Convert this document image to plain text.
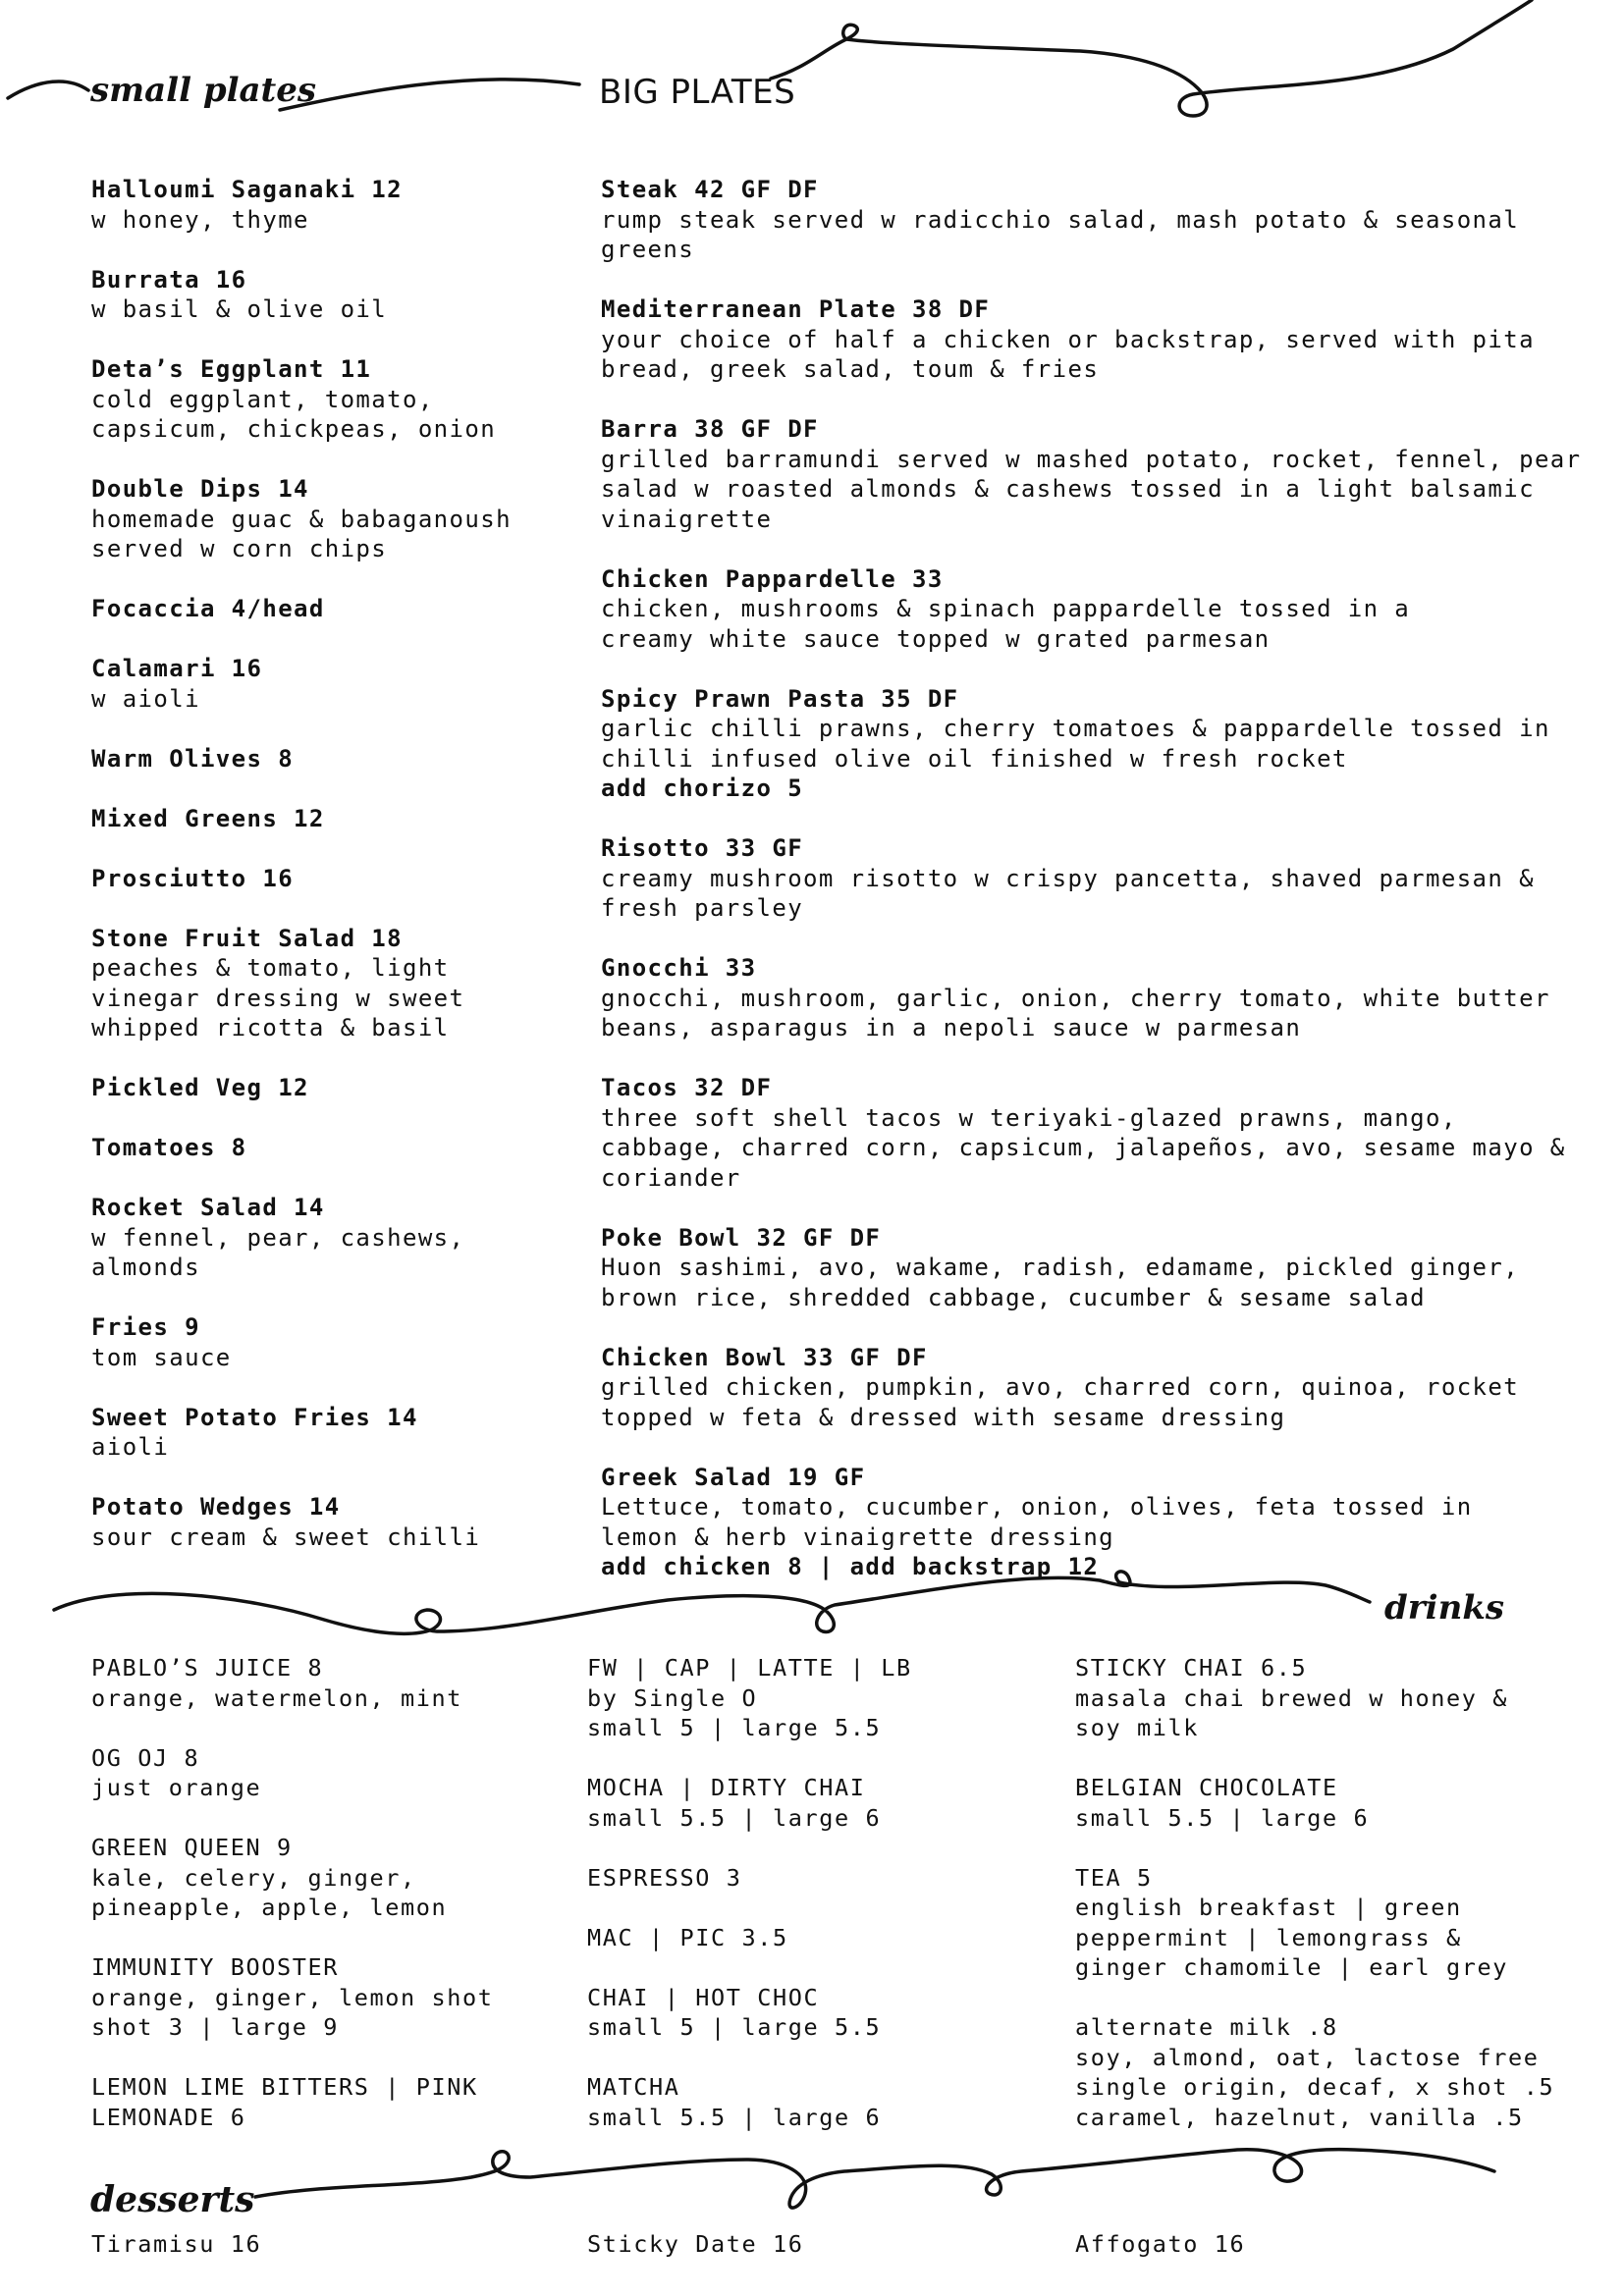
small plates	BIG PLATES
drinks
desserts
Halloumi Saganaki 12
w honey, thyme
Burrata 16
w basil & olive oil
Deta’s Eggplant 11
cold eggplant, tomato,
capsicum, chickpeas, onion
Double Dips 14
homemade guac & babaganoush
served w corn chips
Focaccia 4/head
Calamari 16
w aioli
Warm Olives 8
Mixed Greens 12
Prosciutto 16
Stone Fruit Salad 18
peaches & tomato, light
vinegar dressing w sweet
whipped ricotta & basil
Pickled Veg 12
Tomatoes 8
Rocket Salad 14
w fennel, pear, cashews,
almonds
Fries 9
tom sauce
Sweet Potato Fries 14
aioli
Potato Wedges 14
sour cream & sweet chilli
Steak 42 GF DF
rump steak served w radicchio salad, mash potato & seasonal
greens
Mediterranean Plate 38 DF
your choice of half a chicken or backstrap, served with pita
bread, greek salad, toum & fries
Barra 38 GF DF
grilled barramundi served w mashed potato, rocket, fennel, pear
salad w roasted almonds & cashews tossed in a light balsamic
vinaigrette
Chicken Pappardelle 33
chicken, mushrooms & spinach pappardelle tossed in a
creamy white sauce topped w grated parmesan
Spicy Prawn Pasta 35 DF
garlic chilli prawns, cherry tomatoes & pappardelle tossed in
chilli infused olive oil finished w fresh rocket
add chorizo 5
Risotto 33 GF
creamy mushroom risotto w crispy pancetta, shaved parmesan &
fresh parsley
Gnocchi 33
gnocchi, mushroom, garlic, onion, cherry tomato, white butter
beans, asparagus in a nepoli sauce w parmesan
Tacos 32 DF
three soft shell tacos w teriyaki-glazed prawns, mango,
cabbage, charred corn, capsicum, jalapeños, avo, sesame mayo &
coriander
Poke Bowl 32 GF DF
Huon sashimi, avo, wakame, radish, edamame, pickled ginger,
brown rice, shredded cabbage, cucumber & sesame salad
Chicken Bowl 33 GF DF
grilled chicken, pumpkin, avo, charred corn, quinoa, rocket
topped w feta & dressed with sesame dressing
Greek Salad 19 GF
Lettuce, tomato, cucumber, onion, olives, feta tossed in
lemon & herb vinaigrette dressing
add chicken 8 | add backstrap 12
PABLO’S JUICE 8
orange, watermelon, mint
OG OJ 8
just orange
GREEN QUEEN 9
kale, celery, ginger,
pineapple, apple, lemon
IMMUNITY BOOSTER
orange, ginger, lemon shot
shot 3 | large 9
LEMON LIME BITTERS | PINK
LEMONADE 6
FW | CAP | LATTE | LB
by Single O
small 5 | large 5.5
MOCHA | DIRTY CHAI
small 5.5 | large 6
ESPRESSO 3
MAC | PIC 3.5
CHAI | HOT CHOC
small 5 | large 5.5
MATCHA
small 5.5 | large 6
STICKY CHAI 6.5
masala chai brewed w honey &
soy milk
BELGIAN CHOCOLATE
small 5.5 | large 6
TEA 5
english breakfast | green
peppermint | lemongrass &
ginger chamomile | earl grey
alternate milk .8
soy, almond, oat, lactose free
single origin, decaf, x shot .5
caramel, hazelnut, vanilla .5
Tiramisu 16	Sticky Date 16	Affogato 16
